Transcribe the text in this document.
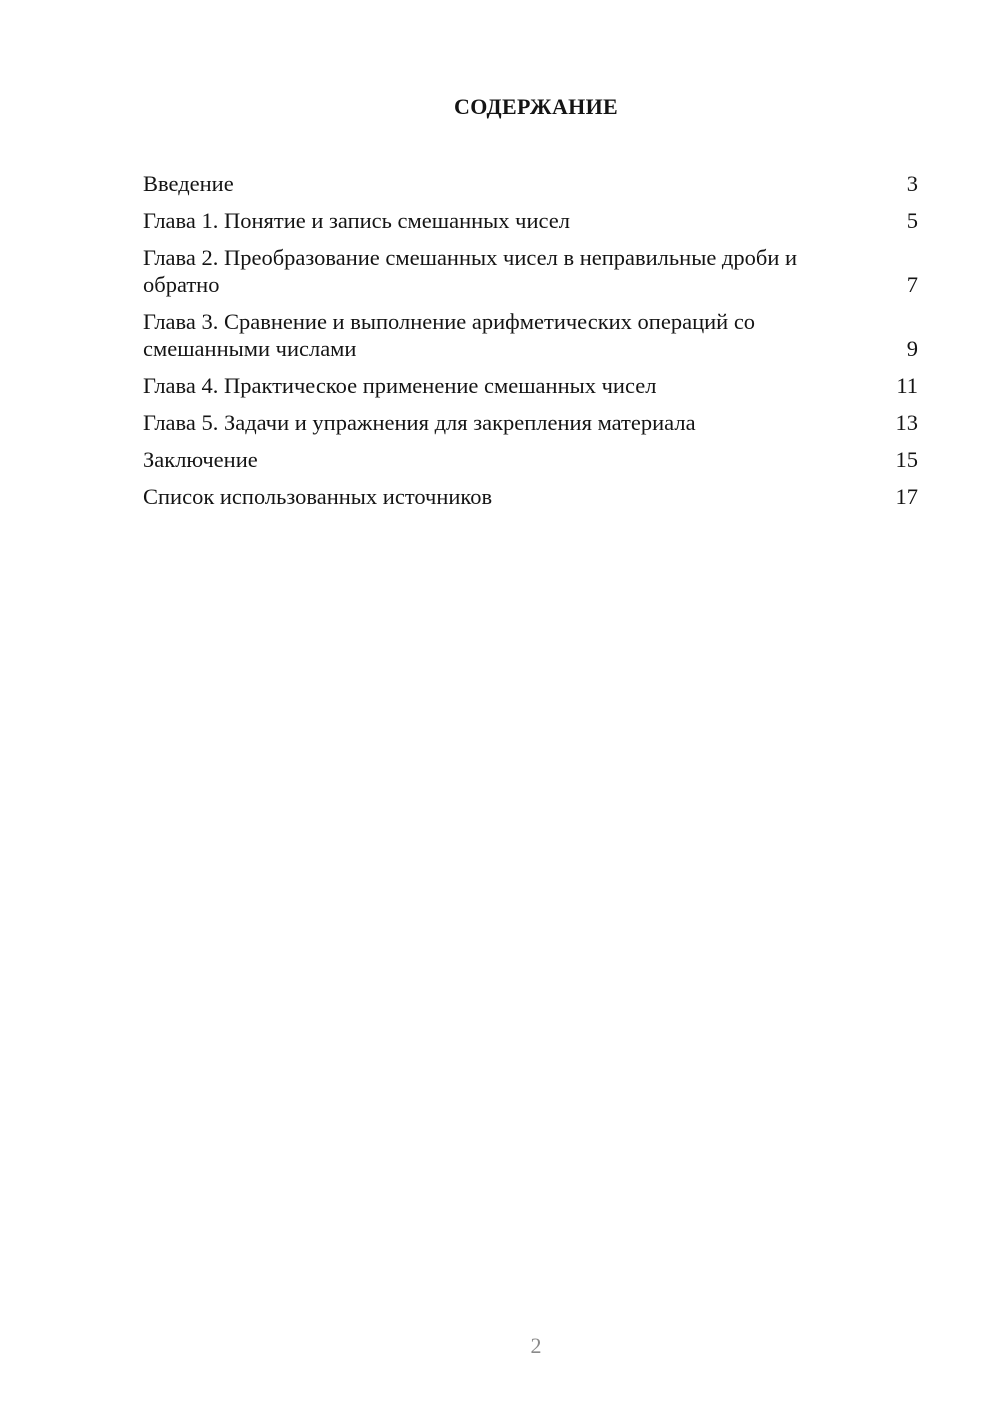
СОДЕРЖАНИЕ
Введение	3
Глава 1. Понятие и запись смешанных чисел	5
Глава 2. Преобразование смешанных чисел в неправильные дроби и обратно	7
Глава 3. Сравнение и выполнение арифметических операций со смешанными числами	9
Глава 4. Практическое применение смешанных чисел	11
Глава 5. Задачи и упражнения для закрепления материала	13
Заключение	15
Список использованных источников	17
2
